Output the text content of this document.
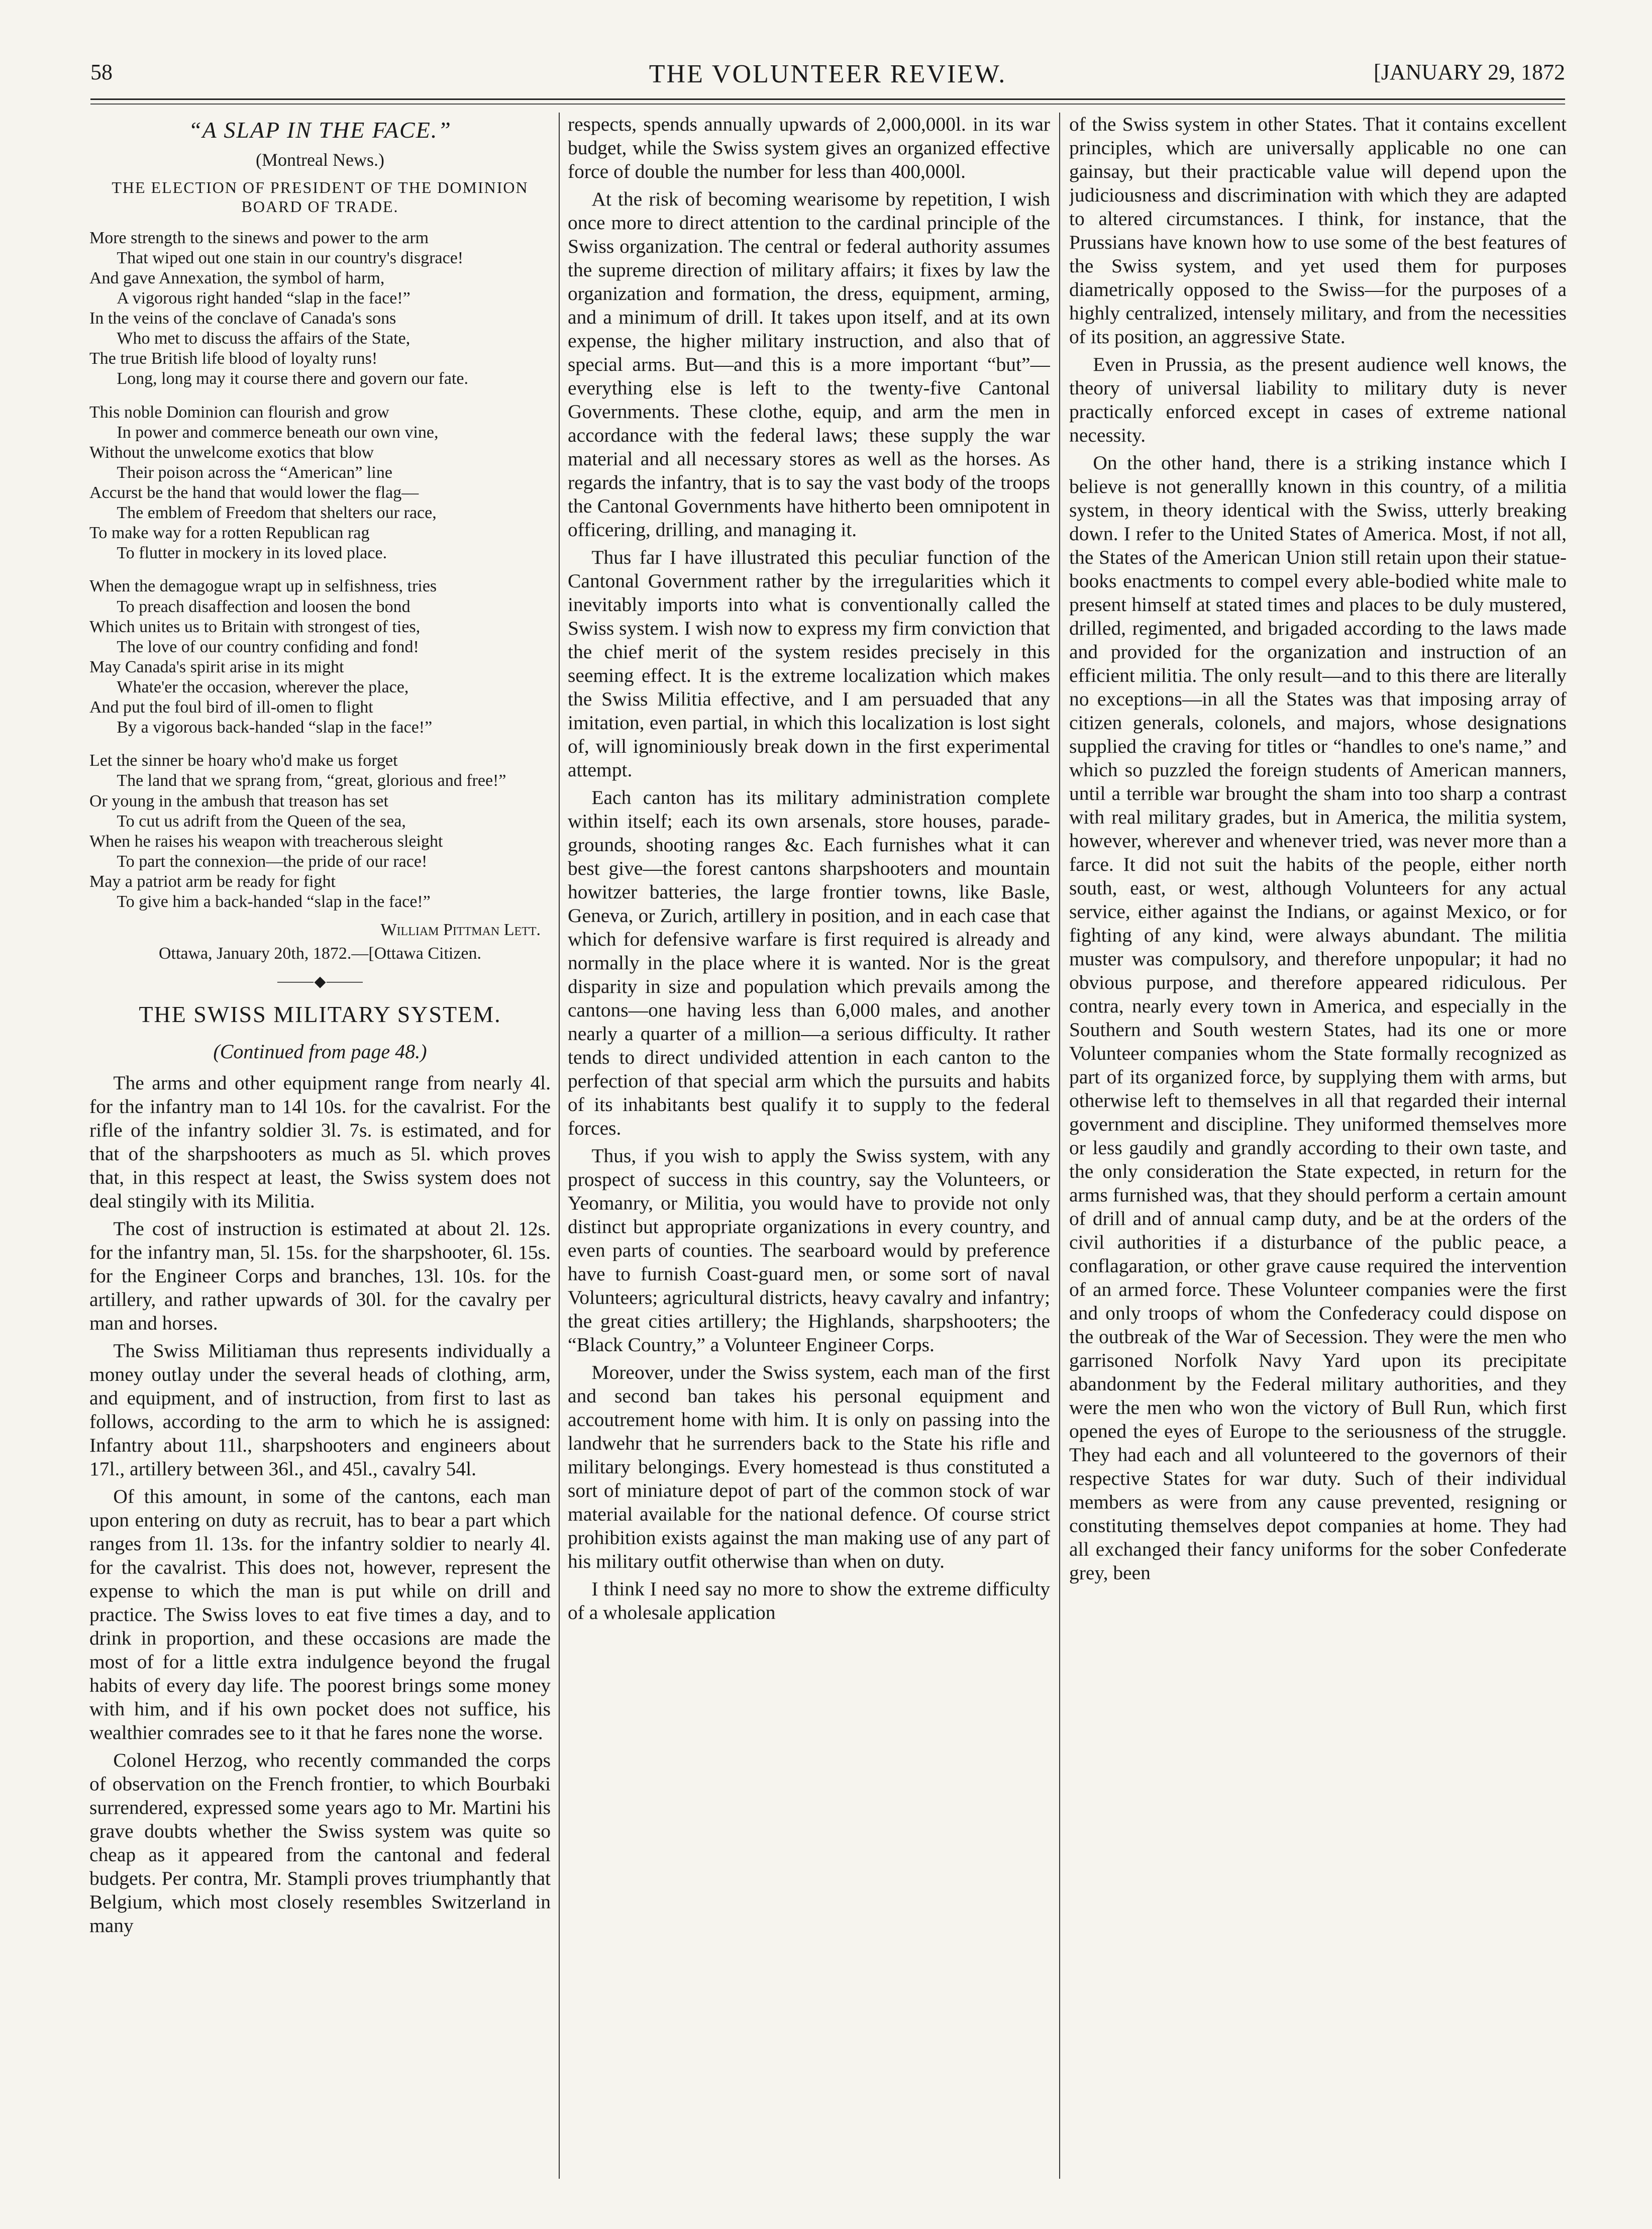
58	THE VOLUNTEER REVIEW.	[JANUARY 29, 1872
“A SLAP IN THE FACE.”
(Montreal News.)
THE ELECTION OF PRESIDENT OF THE DOMINION BOARD OF TRADE.
More strength to the sinews and power to the arm
That wiped out one stain in our country's disgrace!
And gave Annexation, the symbol of harm,
A vigorous right handed “slap in the face!”
In the veins of the conclave of Canada's sons
Who met to discuss the affairs of the State,
The true British life blood of loyalty runs!
Long, long may it course there and govern our fate.
This noble Dominion can flourish and grow
In power and commerce beneath our own vine,
Without the unwelcome exotics that blow
Their poison across the “American” line
Accurst be the hand that would lower the flag—
The emblem of Freedom that shelters our race,
To make way for a rotten Republican rag
To flutter in mockery in its loved place.
When the demagogue wrapt up in selfishness, tries
To preach disaffection and loosen the bond
Which unites us to Britain with strongest of ties,
The love of our country confiding and fond!
May Canada's spirit arise in its might
Whate'er the occasion, wherever the place,
And put the foul bird of ill-omen to flight
By a vigorous back-handed “slap in the face!”
Let the sinner be hoary who'd make us forget
The land that we sprang from, “great, glorious and free!”
Or young in the ambush that treason has set
To cut us adrift from the Queen of the sea,
When he raises his weapon with treacherous sleight
To part the connexion—the pride of our race!
May a patriot arm be ready for fight
To give him a back-handed “slap in the face!”
William Pittman Lett.
Ottawa, January 20th, 1872.—[Ottawa Citizen.
⸻◆⸻
THE SWISS MILITARY SYSTEM.
(Continued from page 48.)

The arms and other equipment range from nearly 4l. for the infantry man to 14l 10s. for the cavalrist. For the rifle of the infantry soldier 3l. 7s. is estimated, and for that of the sharpshooters as much as 5l. which proves that, in this respect at least, the Swiss system does not deal stingily with its Militia.

The cost of instruction is estimated at about 2l. 12s. for the infantry man, 5l. 15s. for the sharpshooter, 6l. 15s. for the Engineer Corps and branches, 13l. 10s. for the artillery, and rather upwards of 30l. for the cavalry per man and horses.

The Swiss Militiaman thus represents individually a money outlay under the several heads of clothing, arm, and equipment, and of instruction, from first to last as follows, according to the arm to which he is assigned: Infantry about 11l., sharpshooters and engineers about 17l., artillery between 36l., and 45l., cavalry 54l.

Of this amount, in some of the cantons, each man upon entering on duty as recruit, has to bear a part which ranges from 1l. 13s. for the infantry soldier to nearly 4l. for the cavalrist. This does not, however, represent the expense to which the man is put while on drill and practice. The Swiss loves to eat five times a day, and to drink in proportion, and these occasions are made the most of for a little extra indulgence beyond the frugal habits of every day life. The poorest brings some money with him, and if his own pocket does not suffice, his wealthier comrades see to it that he fares none the worse.

Colonel Herzog, who recently commanded the corps of observation on the French frontier, to which Bourbaki surrendered, expressed some years ago to Mr. Martini his grave doubts whether the Swiss system was quite so cheap as it appeared from the cantonal and federal budgets. Per contra, Mr. Stampli proves triumphantly that Belgium, which most closely resembles Switzerland in many

respects, spends annually upwards of 2,000,000l. in its war budget, while the Swiss system gives an organized effective force of double the number for less than 400,000l.

At the risk of becoming wearisome by repetition, I wish once more to direct attention to the cardinal principle of the Swiss organization. The central or federal authority assumes the supreme direction of military affairs; it fixes by law the organization and formation, the dress, equipment, arming, and a minimum of drill. It takes upon itself, and at its own expense, the higher military instruction, and also that of special arms. But—and this is a more important “but”—everything else is left to the twenty-five Cantonal Governments. These clothe, equip, and arm the men in accordance with the federal laws; these supply the war material and all necessary stores as well as the horses. As regards the infantry, that is to say the vast body of the troops the Cantonal Governments have hitherto been omnipotent in officering, drilling, and managing it.

Thus far I have illustrated this peculiar function of the Cantonal Government rather by the irregularities which it inevitably imports into what is conventionally called the Swiss system. I wish now to express my firm conviction that the chief merit of the system resides precisely in this seeming effect. It is the extreme localization which makes the Swiss Militia effective, and I am persuaded that any imitation, even partial, in which this localization is lost sight of, will ignominiously break down in the first experimental attempt.

Each canton has its military administration complete within itself; each its own arsenals, store houses, parade-grounds, shooting ranges &c. Each furnishes what it can best give—the forest cantons sharpshooters and mountain howitzer batteries, the large frontier towns, like Basle, Geneva, or Zurich, artillery in position, and in each case that which for defensive warfare is first required is already and normally in the place where it is wanted. Nor is the great disparity in size and population which prevails among the cantons—one having less than 6,000 males, and another nearly a quarter of a million—a serious difficulty. It rather tends to direct undivided attention in each canton to the perfection of that special arm which the pursuits and habits of its inhabitants best qualify it to supply to the federal forces.

Thus, if you wish to apply the Swiss system, with any prospect of success in this country, say the Volunteers, or Yeomanry, or Militia, you would have to provide not only distinct but appropriate organizations in every country, and even parts of counties. The searboard would by preference have to furnish Coast-guard men, or some sort of naval Volunteers; agricultural districts, heavy cavalry and infantry; the great cities artillery; the Highlands, sharpshooters; the “Black Country,” a Volunteer Engineer Corps.

Moreover, under the Swiss system, each man of the first and second ban takes his personal equipment and accoutrement home with him. It is only on passing into the landwehr that he surrenders back to the State his rifle and military belongings. Every homestead is thus constituted a sort of miniature depot of part of the common stock of war material available for the national defence. Of course strict prohibition exists against the man making use of any part of his military outfit otherwise than when on duty.

I think I need say no more to show the extreme difficulty of a wholesale application

of the Swiss system in other States. That it contains excellent principles, which are universally applicable no one can gainsay, but their practicable value will depend upon the judiciousness and discrimination with which they are adapted to altered circumstances. I think, for instance, that the Prussians have known how to use some of the best features of the Swiss system, and yet used them for purposes diametrically opposed to the Swiss—for the purposes of a highly centralized, intensely military, and from the necessities of its position, an aggressive State.

Even in Prussia, as the present audience well knows, the theory of universal liability to military duty is never practically enforced except in cases of extreme national necessity.

On the other hand, there is a striking instance which I believe is not generallly known in this country, of a militia system, in theory identical with the Swiss, utterly breaking down. I refer to the United States of America. Most, if not all, the States of the American Union still retain upon their statue-books enactments to compel every able-bodied white male to present himself at stated times and places to be duly mustered, drilled, regimented, and brigaded according to the laws made and provided for the organization and instruction of an efficient militia. The only result—and to this there are literally no exceptions—in all the States was that imposing array of citizen generals, colonels, and majors, whose designations supplied the craving for titles or “handles to one's name,” and which so puzzled the foreign students of American manners, until a terrible war brought the sham into too sharp a contrast with real military grades, but in America, the militia system, however, wherever and whenever tried, was never more than a farce. It did not suit the habits of the people, either north south, east, or west, although Volunteers for any actual service, either against the Indians, or against Mexico, or for fighting of any kind, were always abundant. The militia muster was compulsory, and therefore unpopular; it had no obvious purpose, and therefore appeared ridiculous. Per contra, nearly every town in America, and especially in the Southern and South western States, had its one or more Volunteer companies whom the State formally recognized as part of its organized force, by supplying them with arms, but otherwise left to themselves in all that regarded their internal government and discipline. They uniformed themselves more or less gaudily and grandly according to their own taste, and the only consideration the State expected, in return for the arms furnished was, that they should perform a certain amount of drill and of annual camp duty, and be at the orders of the civil authorities if a disturbance of the public peace, a conflagaration, or other grave cause required the intervention of an armed force. These Volunteer companies were the first and only troops of whom the Confederacy could dispose on the outbreak of the War of Secession. They were the men who garrisoned Norfolk Navy Yard upon its precipitate abandonment by the Federal military authorities, and they were the men who won the victory of Bull Run, which first opened the eyes of Europe to the seriousness of the struggle. They had each and all volunteered to the governors of their respective States for war duty. Such of their individual members as were from any cause prevented, resigning or constituting themselves depot companies at home. They had all exchanged their fancy uniforms for the sober Confederate grey, been
